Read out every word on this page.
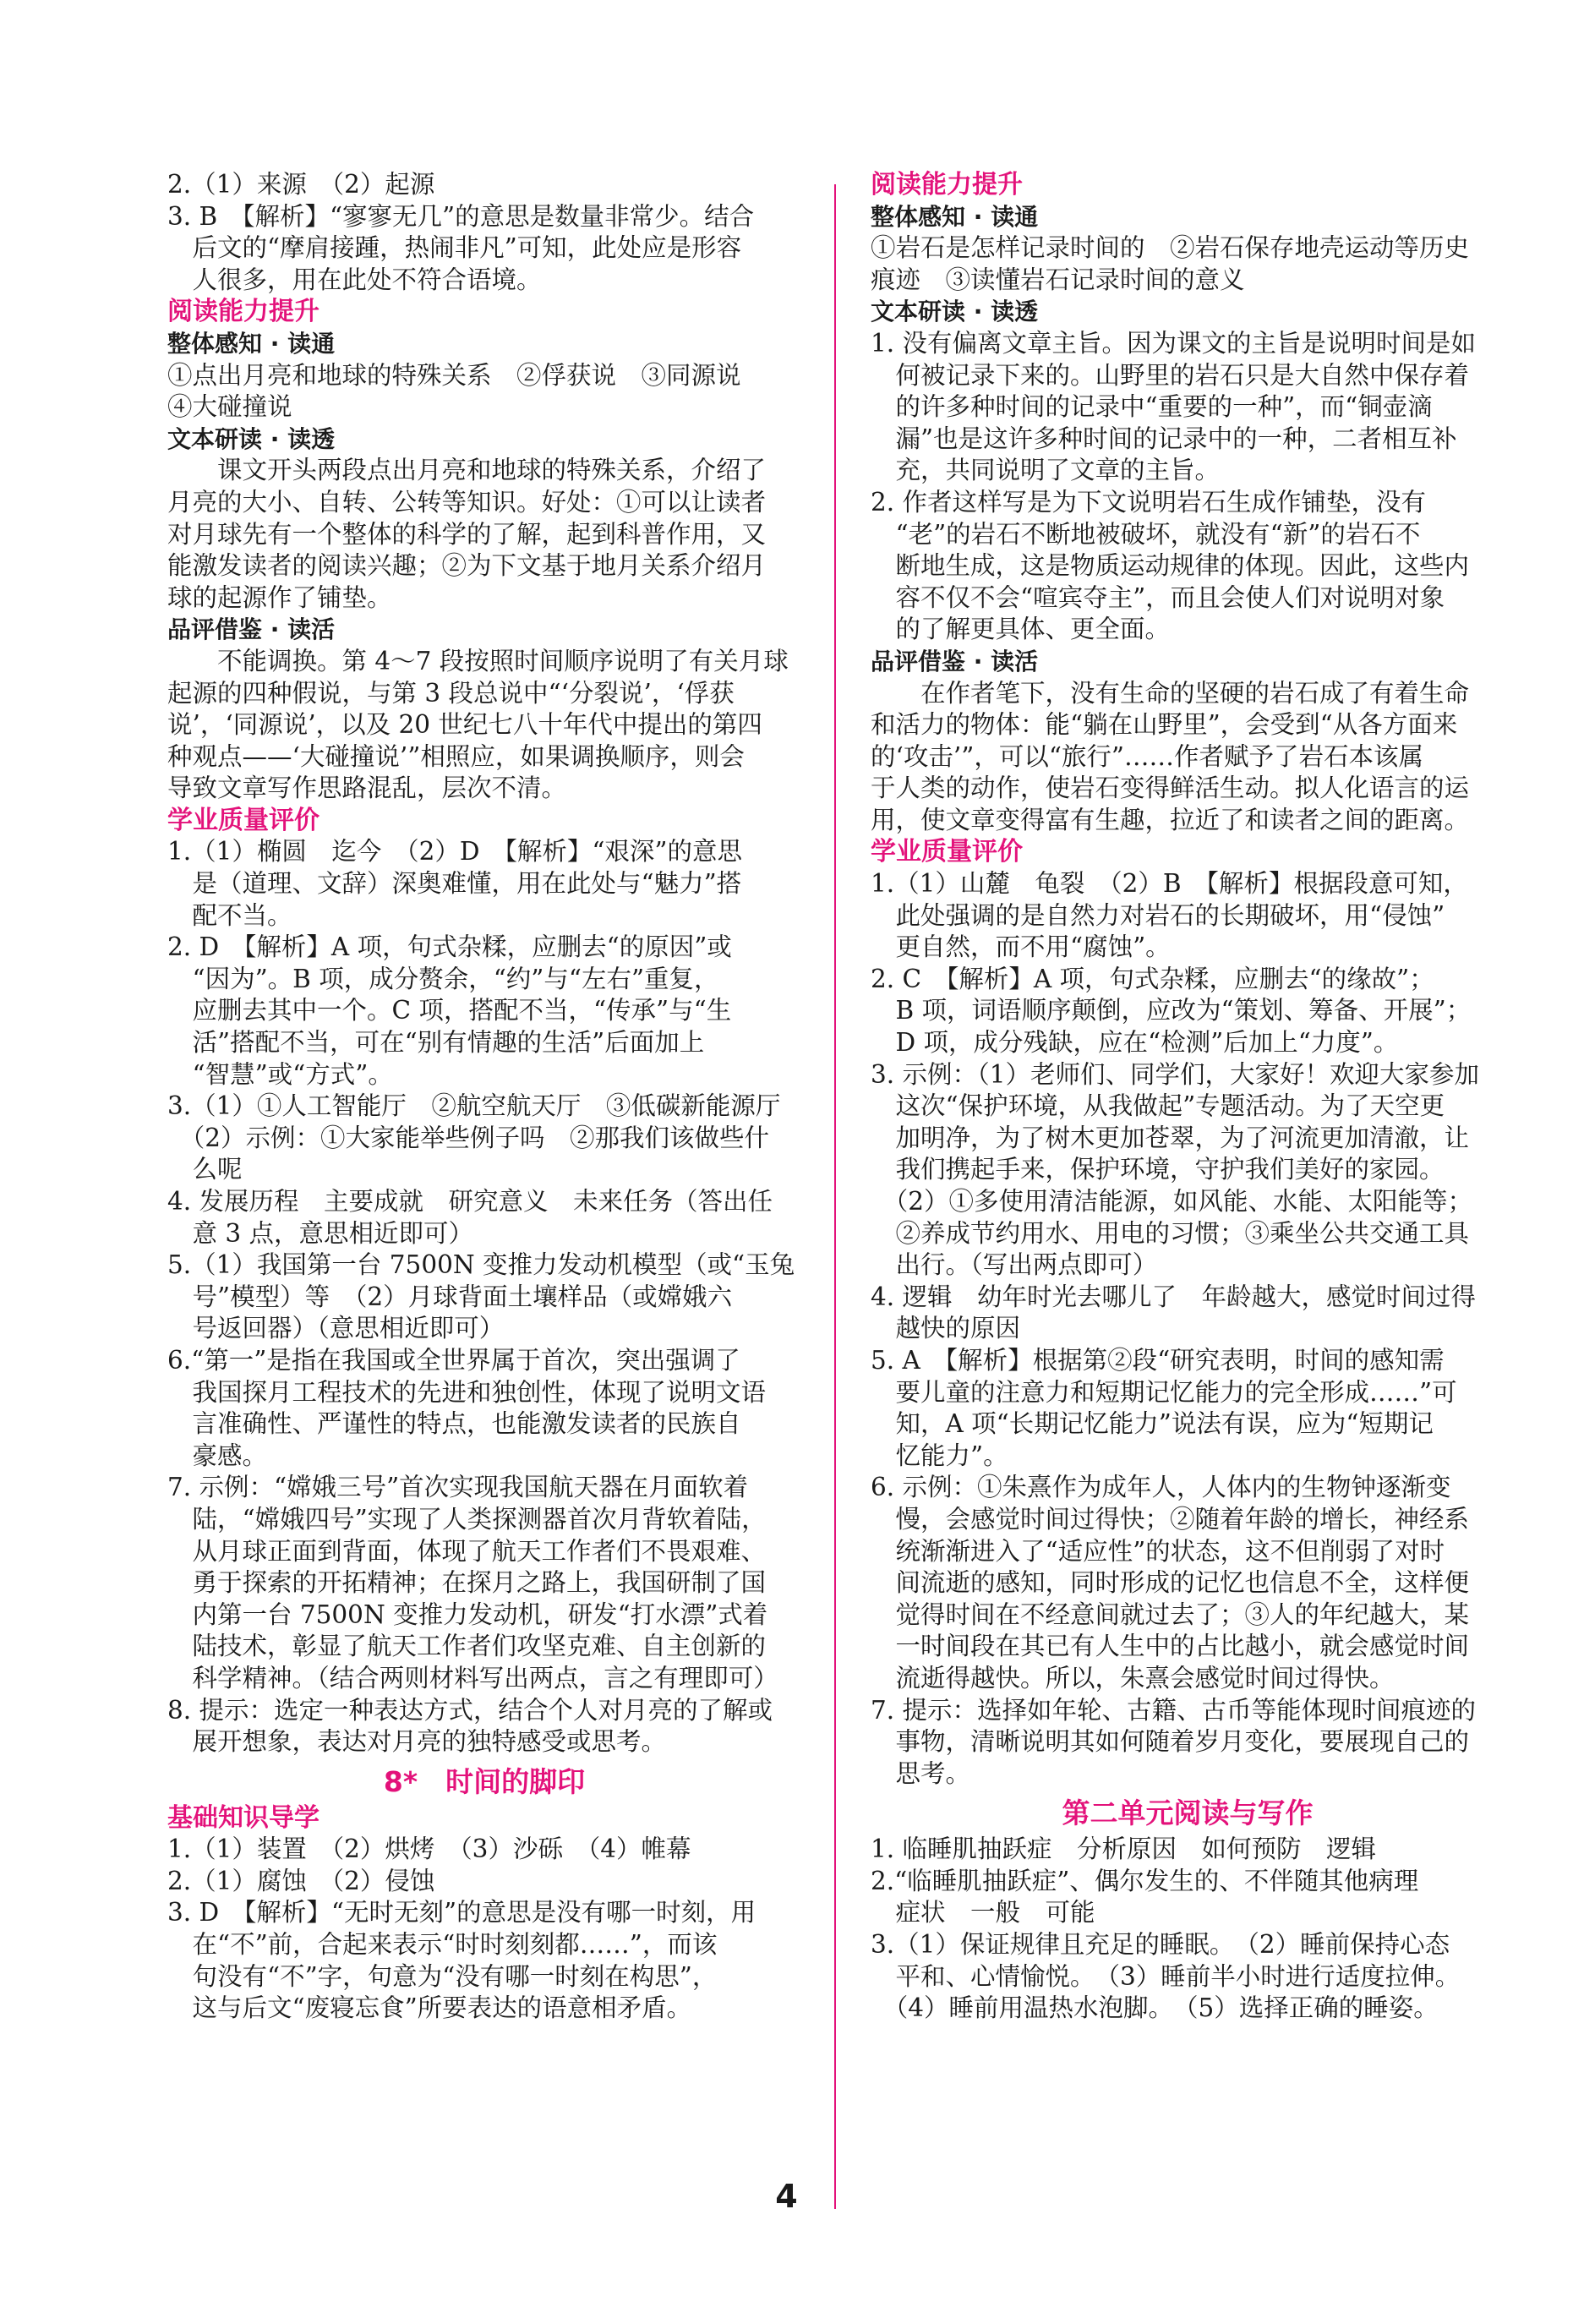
2.（1）来源　（2）起源
3. B　【解析】“寥寥无几”的意思是数量非常少。结合
　后文的“摩肩接踵，热闹非凡”可知，此处应是形容
　人很多，用在此处不符合语境。
阅读能力提升
整体感知 · 读通
①点出月亮和地球的特殊关系　②俘获说　③同源说
④大碰撞说
文本研读 · 读透
　　课文开头两段点出月亮和地球的特殊关系，介绍了
月亮的大小、自转、公转等知识。好处：①可以让读者
对月球先有一个整体的科学的了解，起到科普作用，又
能激发读者的阅读兴趣；②为下文基于地月关系介绍月
球的起源作了铺垫。
品评借鉴 · 读活
　　不能调换。第 4～7 段按照时间顺序说明了有关月球
起源的四种假说，与第 3 段总说中“‘分裂说’，‘俘获
说’，‘同源说’，以及 20 世纪七八十年代中提出的第四
种观点——‘大碰撞说’”相照应，如果调换顺序，则会
导致文章写作思路混乱，层次不清。
学业质量评价
1.（1）椭圆　迄今　（2）D　【解析】“艰深”的意思
　是（道理、文辞）深奥难懂，用在此处与“魅力”搭
　配不当。
2. D　【解析】A 项，句式杂糅，应删去“的原因”或
　“因为”。B 项，成分赘余，“约”与“左右”重复，
　应删去其中一个。C 项，搭配不当，“传承”与“生
　活”搭配不当，可在“别有情趣的生活”后面加上
　“智慧”或“方式”。
3.（1）①人工智能厅　②航空航天厅　③低碳新能源厅
　（2）示例：①大家能举些例子吗　②那我们该做些什
　么呢
4. 发展历程　主要成就　研究意义　未来任务（答出任
　意 3 点，意思相近即可）
5.（1）我国第一台 7500N 变推力发动机模型（或“玉兔
　号”模型）等　（2）月球背面土壤样品（或嫦娥六
　号返回器）（意思相近即可）
6.“第一”是指在我国或全世界属于首次，突出强调了
　我国探月工程技术的先进和独创性，体现了说明文语
　言准确性、严谨性的特点，也能激发读者的民族自
　豪感。
7. 示例：“嫦娥三号”首次实现我国航天器在月面软着
　陆，“嫦娥四号”实现了人类探测器首次月背软着陆，
　从月球正面到背面，体现了航天工作者们不畏艰难、
　勇于探索的开拓精神；在探月之路上，我国研制了国
　内第一台 7500N 变推力发动机，研发“打水漂”式着
　陆技术，彰显了航天工作者们攻坚克难、自主创新的
　科学精神。（结合两则材料写出两点，言之有理即可）
8. 提示：选定一种表达方式，结合个人对月亮的了解或
　展开想象，表达对月亮的独特感受或思考。
8*　时间的脚印
基础知识导学
1.（1）装置　（2）烘烤　（3）沙砾　（4）帷幕
2.（1）腐蚀　（2）侵蚀
3. D　【解析】“无时无刻”的意思是没有哪一时刻，用
　在“不”前，合起来表示“时时刻刻都……”，而该
　句没有“不”字，句意为“没有哪一时刻在构思”，
　这与后文“废寝忘食”所要表达的语意相矛盾。
阅读能力提升
整体感知 · 读通
①岩石是怎样记录时间的　②岩石保存地壳运动等历史
痕迹　③读懂岩石记录时间的意义
文本研读 · 读透
1. 没有偏离文章主旨。因为课文的主旨是说明时间是如
　何被记录下来的。山野里的岩石只是大自然中保存着
　的许多种时间的记录中“重要的一种”，而“铜壶滴
　漏”也是这许多种时间的记录中的一种，二者相互补
　充，共同说明了文章的主旨。
2. 作者这样写是为下文说明岩石生成作铺垫，没有
　“老”的岩石不断地被破坏，就没有“新”的岩石不
　断地生成，这是物质运动规律的体现。因此，这些内
　容不仅不会“喧宾夺主”，而且会使人们对说明对象
　的了解更具体、更全面。
品评借鉴 · 读活
　　在作者笔下，没有生命的坚硬的岩石成了有着生命
和活力的物体：能“躺在山野里”，会受到“从各方面来
的‘攻击’”，可以“旅行”……作者赋予了岩石本该属
于人类的动作，使岩石变得鲜活生动。拟人化语言的运
用，使文章变得富有生趣，拉近了和读者之间的距离。
学业质量评价
1.（1）山麓　龟裂　（2）B　【解析】根据段意可知，
　此处强调的是自然力对岩石的长期破坏，用“侵蚀”
　更自然，而不用“腐蚀”。
2. C　【解析】A 项，句式杂糅，应删去“的缘故”；
　B 项，词语顺序颠倒，应改为“策划、筹备、开展”；
　D 项，成分残缺，应在“检测”后加上“力度”。
3. 示例：（1）老师们、同学们，大家好！欢迎大家参加
　这次“保护环境，从我做起”专题活动。为了天空更
　加明净，为了树木更加苍翠，为了河流更加清澈，让
　我们携起手来，保护环境，守护我们美好的家园。
　（2）①多使用清洁能源，如风能、水能、太阳能等；
　②养成节约用水、用电的习惯；③乘坐公共交通工具
　出行。（写出两点即可）
4. 逻辑　幼年时光去哪儿了　年龄越大，感觉时间过得
　越快的原因
5. A　【解析】根据第②段“研究表明，时间的感知需
　要儿童的注意力和短期记忆能力的完全形成……”可
　知，A 项“长期记忆能力”说法有误，应为“短期记
　忆能力”。
6. 示例：①朱熹作为成年人，人体内的生物钟逐渐变
　慢，会感觉时间过得快；②随着年龄的增长，神经系
　统渐渐进入了“适应性”的状态，这不但削弱了对时
　间流逝的感知，同时形成的记忆也信息不全，这样便
　觉得时间在不经意间就过去了；③人的年纪越大，某
　一时间段在其已有人生中的占比越小，就会感觉时间
　流逝得越快。所以，朱熹会感觉时间过得快。
7. 提示：选择如年轮、古籍、古币等能体现时间痕迹的
　事物，清晰说明其如何随着岁月变化，要展现自己的
　思考。
第二单元阅读与写作
1. 临睡肌抽跃症　分析原因　如何预防　逻辑
2.“临睡肌抽跃症”、偶尔发生的、不伴随其他病理
　症状　一般　可能
3.（1）保证规律且充足的睡眠。　（2）睡前保持心态
　平和、心情愉悦。　（3）睡前半小时进行适度拉伸。
　（4）睡前用温热水泡脚。　（5）选择正确的睡姿。
4
